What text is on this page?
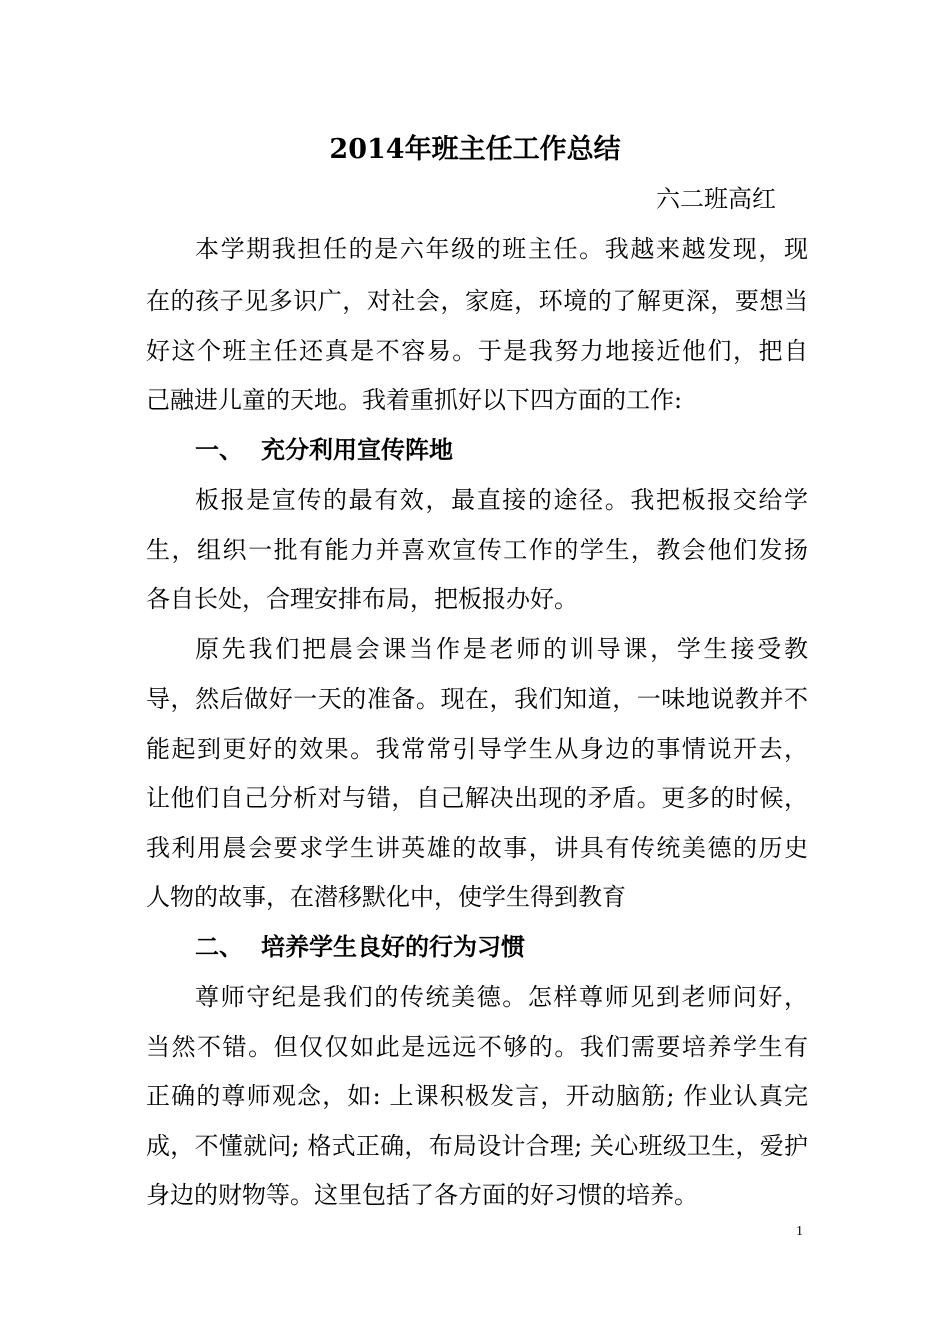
2014年班主任工作总结
六二班高红
本学期我担任的是六年级的班主任。我越来越发现，现
在的孩子见多识广，对社会，家庭，环境的了解更深，要想当
好这个班主任还真是不容易。于是我努力地接近他们，把自
己融进儿童的天地。我着重抓好以下四方面的工作:
一、 充分利用宣传阵地
板报是宣传的最有效，最直接的途径。我把板报交给学
生，组织一批有能力并喜欢宣传工作的学生，教会他们发扬
各自长处，合理安排布局，把板报办好。
原先我们把晨会课当作是老师的训导课，学生接受教
导，然后做好一天的准备。现在，我们知道，一味地说教并不
能起到更好的效果。我常常引导学生从身边的事情说开去，
让他们自己分析对与错，自己解决出现的矛盾。更多的时候，
我利用晨会要求学生讲英雄的故事，讲具有传统美德的历史
人物的故事，在潜移默化中，使学生得到教育
二、 培养学生良好的行为习惯
尊师守纪是我们的传统美德。怎样尊师见到老师问好，
当然不错。但仅仅如此是远远不够的。我们需要培养学生有
正确的尊师观念，如: 上课积极发言，开动脑筋; 作业认真完
成，不懂就问; 格式正确，布局设计合理; 关心班级卫生，爱护
身边的财物等。这里包括了各方面的好习惯的培养。
1
